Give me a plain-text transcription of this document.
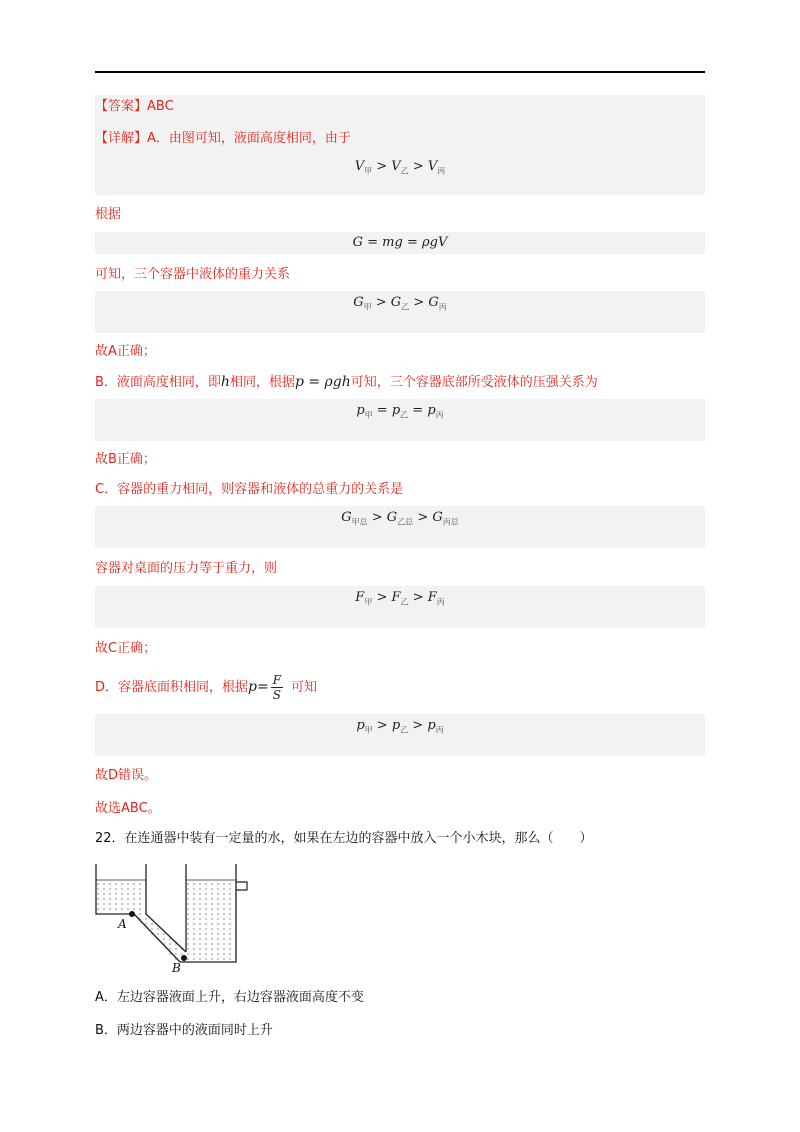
【答案】ABC
【详解】A．由图可知，液面高度相同，由于
$V_甲 > V_乙 > V_丙$
根据
G = mg = ρgV
可知，三个容器中液体的重力关系
$G_甲 > G_乙 > G_丙$
故A正确；
B．液面高度相同，即h相同，根据p = ρgh可知，三个容器底部所受液体的压强关系为
$p_甲 = p_乙 = p_丙$
故B正确；
C．容器的重力相同，则容器和液体的总重力的关系是
$G_{甲总} > G_{乙总} > G_{丙总}$
容器对桌面的压力等于重力，则
$F_甲 > F_乙 > F_丙$
故C正确；
D．容器底面积相同，根据$p= \frac{F}{S}$ 可知
$p_甲 > p_乙 > p_丙$
故D错误。
故选ABC。
22．在连通器中装有一定量的水，如果在左边的容器中放入一个小木块，那么（　　）
A
B
A．左边容器液面上升，右边容器液面高度不变
B．两边容器中的液面同时上升
